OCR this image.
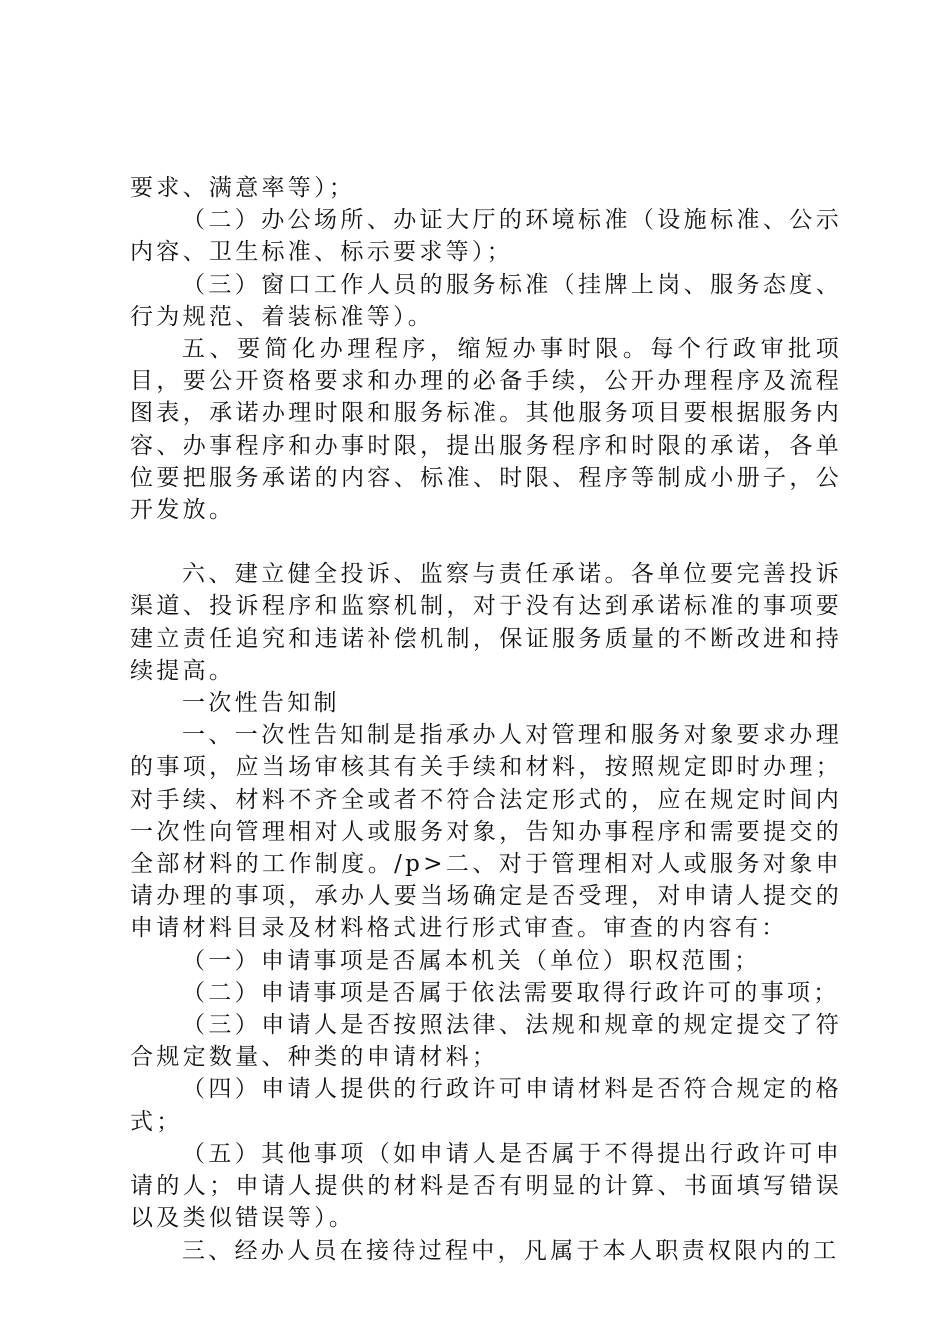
要求、满意率等）；

（二）办公场所、办证大厅的环境标准（设施标准、公示内容、卫生标准、标示要求等）；

（三）窗口工作人员的服务标准（挂牌上岗、服务态度、行为规范、着装标准等）。

五、要简化办理程序，缩短办事时限。每个行政审批项目，要公开资格要求和办理的必备手续，公开办理程序及流程图表，承诺办理时限和服务标准。其他服务项目要根据服务内容、办事程序和办事时限，提出服务程序和时限的承诺，各单位要把服务承诺的内容、标准、时限、程序等制成小册子，公开发放。

六、建立健全投诉、监察与责任承诺。各单位要完善投诉渠道、投诉程序和监察机制，对于没有达到承诺标准的事项要建立责任追究和违诺补偿机制，保证服务质量的不断改进和持续提高。

一次性告知制

一、一次性告知制是指承办人对管理和服务对象要求办理的事项，应当场审核其有关手续和材料，按照规定即时办理；对手续、材料不齐全或者不符合法定形式的，应在规定时间内一次性向管理相对人或服务对象，告知办事程序和需要提交的全部材料的工作制度。/p>二、对于管理相对人或服务对象申请办理的事项，承办人要当场确定是否受理，对申请人提交的申请材料目录及材料格式进行形式审查。审查的内容有：

（一）申请事项是否属本机关（单位）职权范围；

（二）申请事项是否属于依法需要取得行政许可的事项；

（三）申请人是否按照法律、法规和规章的规定提交了符合规定数量、种类的申请材料；

（四）申请人提供的行政许可申请材料是否符合规定的格式；

（五）其他事项（如申请人是否属于不得提出行政许可申请的人；申请人提供的材料是否有明显的计算、书面填写错误以及类似错误等）。

三、经办人员在接待过程中，凡属于本人职责权限内的工
